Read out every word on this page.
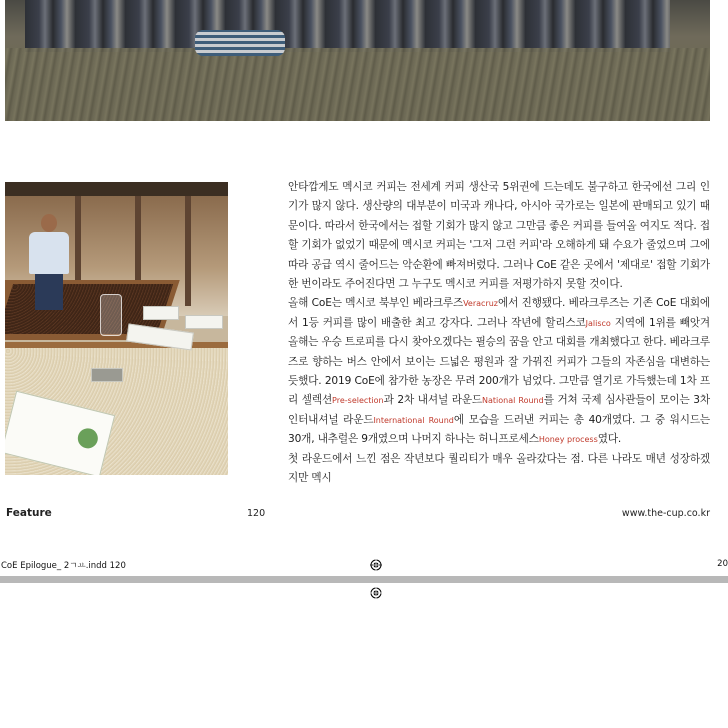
안타깝게도 멕시코 커피는 전세계 커피 생산국 5위권에 드는데도 불구하고 한국에선 그리 인기가 많지 않다. 생산량의 대부분이 미국과 캐나다, 아시아 국가로는 일본에 판매되고 있기 때문이다. 따라서 한국에서는 접할 기회가 많지 않고 그만큼 좋은 커피를 들여올 여지도 적다. 접할 기회가 없었기 때문에 멕시코 커피는 '그저 그런 커피'라 오해하게 돼 수요가 줄었으며 그에 따라 공급 역시 줄어드는 악순환에 빠져버렸다. 그러나 CoE 같은 곳에서 '제대로' 접할 기회가 한 번이라도 주어진다면 그 누구도 멕시코 커피를 저평가하지 못할 것이다.

올해 CoE는 멕시코 북부인 베라크루즈Veracruz에서 진행됐다. 베라크루즈는 기존 CoE 대회에서 1등 커피를 많이 배출한 최고 강자다. 그러나 작년에 할리스코Jalisco 지역에 1위를 빼앗겨 올해는 우승 트로피를 다시 찾아오겠다는 필승의 꿈을 안고 대회를 개최했다고 한다. 베라크루즈로 향하는 버스 안에서 보이는 드넓은 평원과 잘 가꿔진 커피가 그들의 자존심을 대변하는 듯했다. 2019 CoE에 참가한 농장은 무려 200개가 넘었다. 그만큼 열기로 가득했는데 1차 프리 셀렉션Pre-selection과 2차 내셔널 라운드National Round를 거쳐 국제 심사관들이 모이는 3차 인터내셔널 라운드International Round에 모습을 드러낸 커피는 총 40개였다. 그 중 워시드는 30개, 내추럴은 9개였으며 나머지 하나는 허니프로세스Honey process였다.

첫 라운드에서 느낀 점은 작년보다 퀄리티가 매우 올라갔다는 점. 다른 나라도 매년 성장하겠지만 멕시

Feature	120	www.the-cup.co.kr
CoE Epilogue_ 2ㄱㅛ.indd 120	20
